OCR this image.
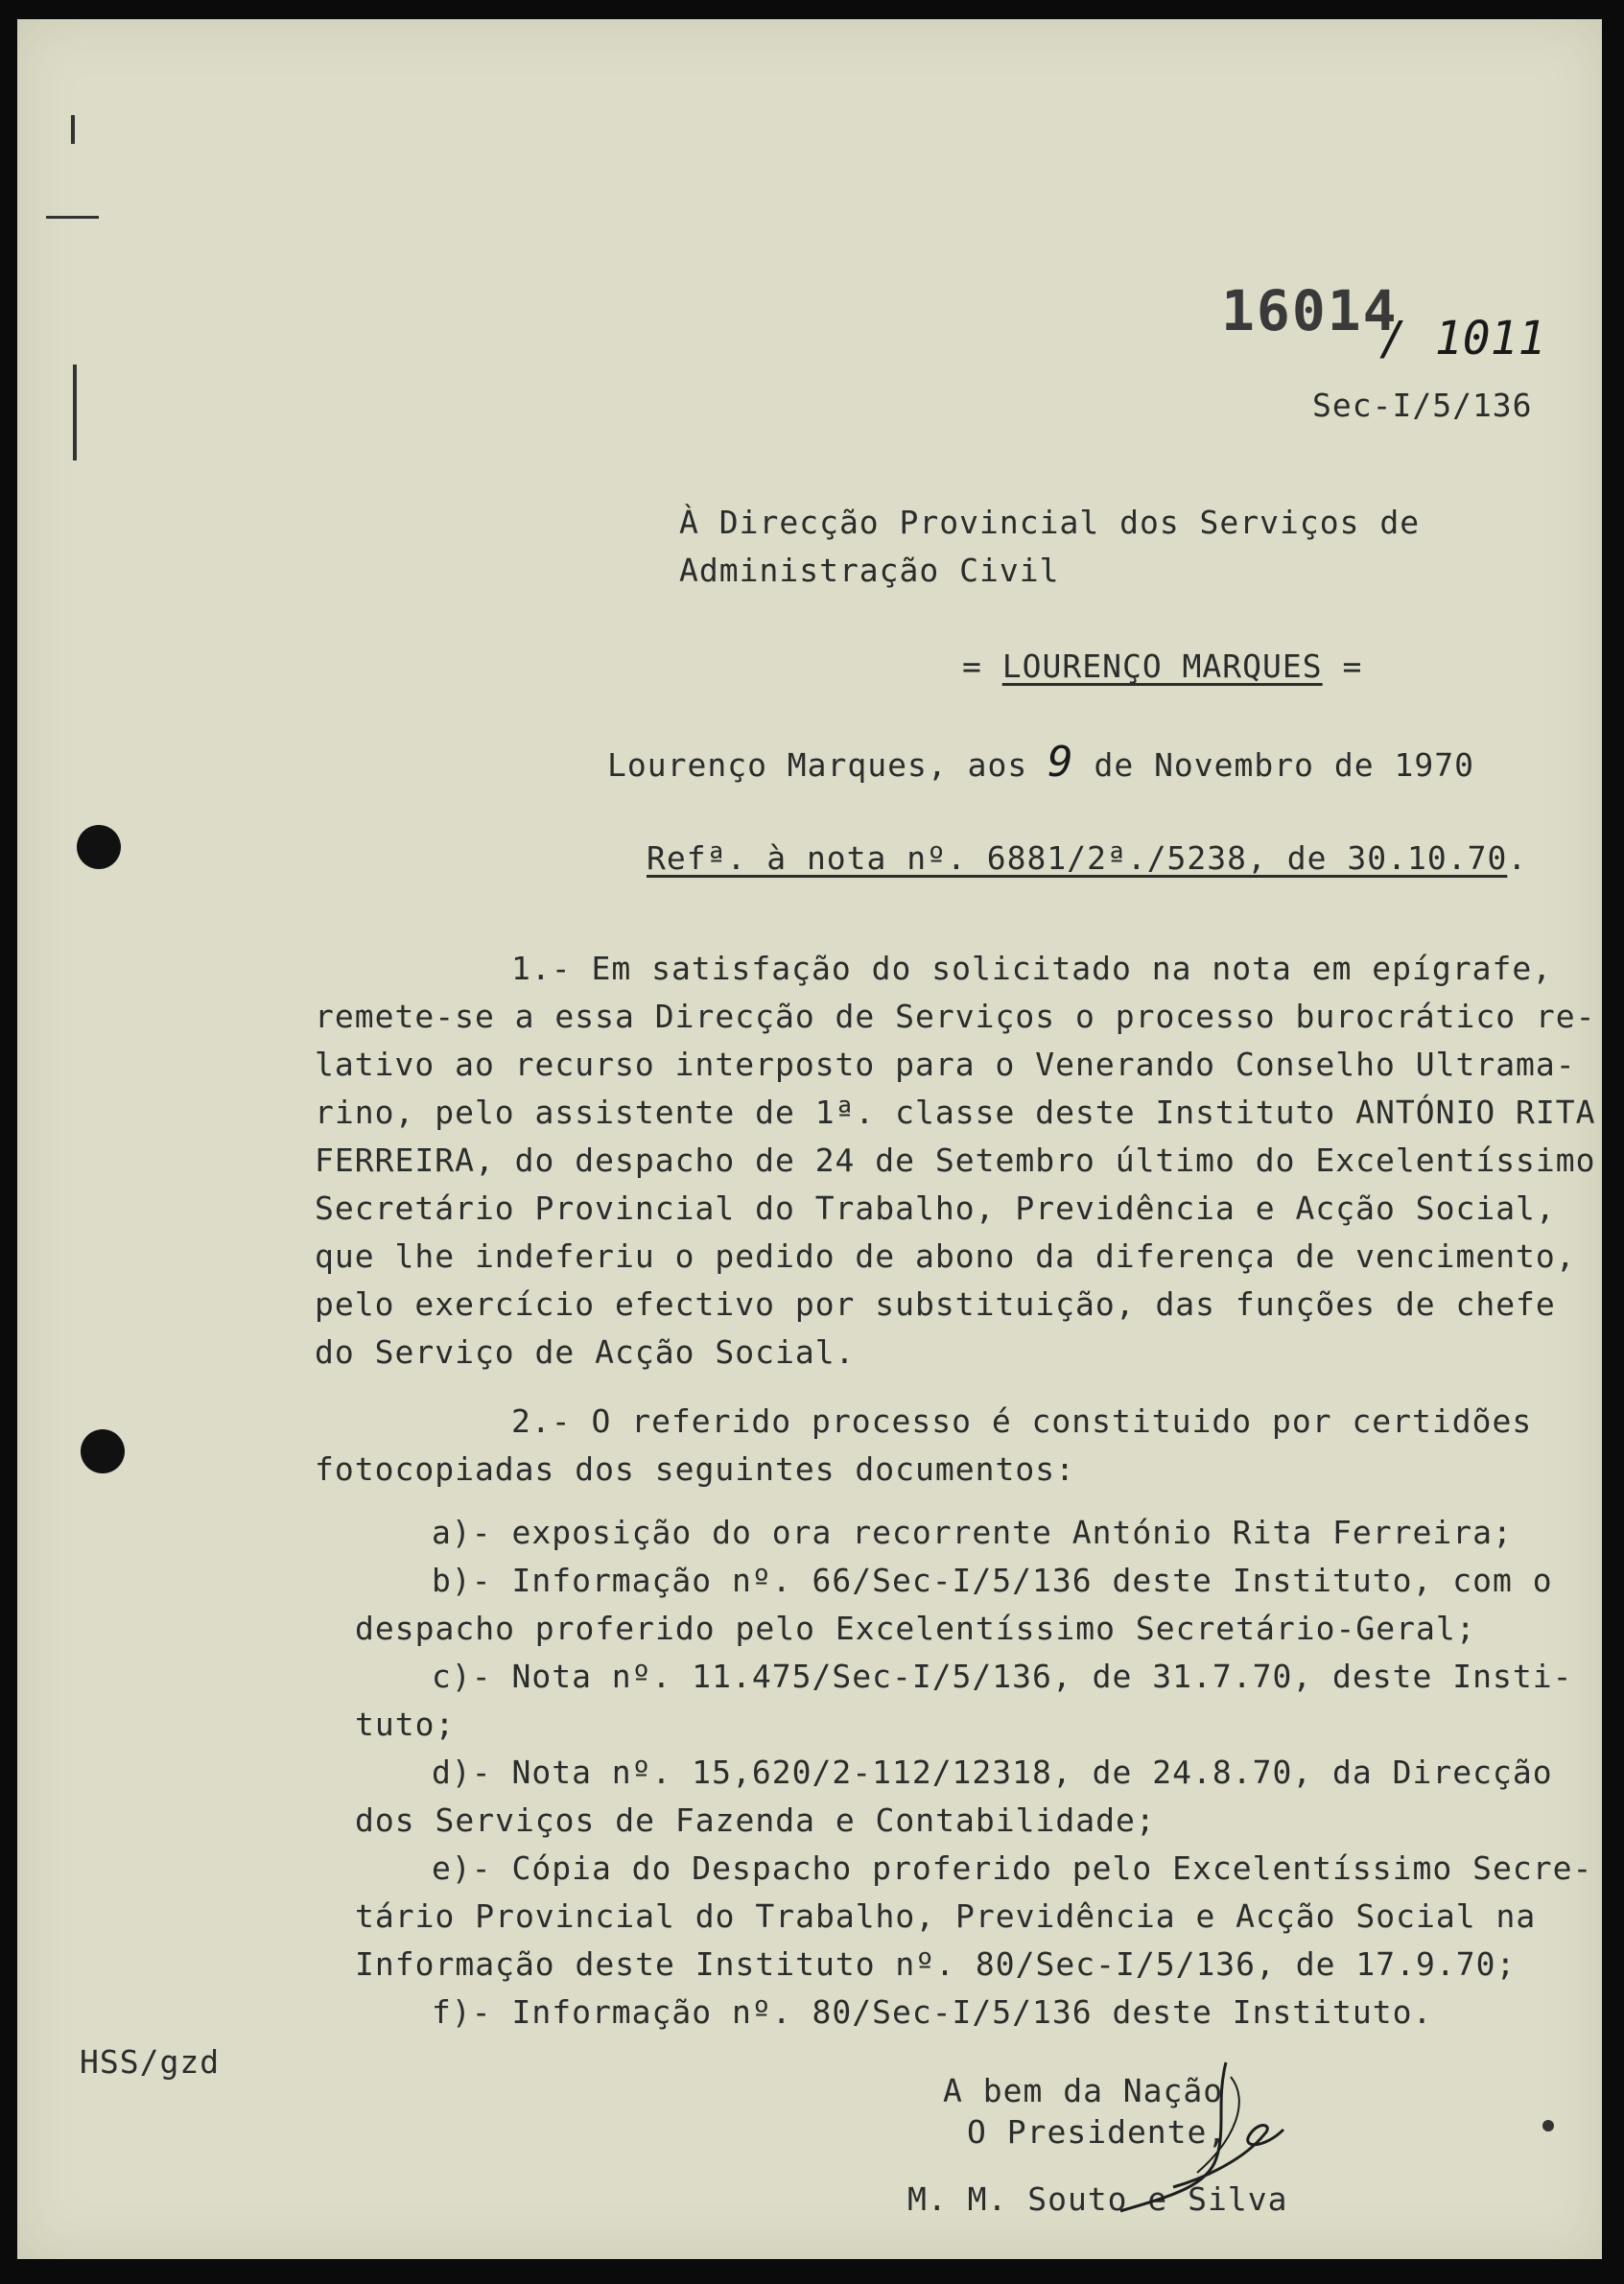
16014
/ 1011
Sec-I/5/136
À Direcção Provincial dos Serviços de
Administração Civil
= LOURENÇO MARQUES =
Lourenço Marques, aos 9 de Novembro de 1970
Refª. à nota nº. 6881/2ª./5238, de 30.10.70.
1.- Em satisfação do solicitado na nota em epígrafe,
remete-se a essa Direcção de Serviços o processo burocrático re-
lativo ao recurso interposto para o Venerando Conselho Ultrama-
rino, pelo assistente de 1ª. classe deste Instituto ANTÓNIO RITA
FERREIRA, do despacho de 24 de Setembro último do Excelentíssimo
Secretário Provincial do Trabalho, Previdência e Acção Social,
que lhe indeferiu o pedido de abono da diferença de vencimento,
pelo exercício efectivo por substituição, das funções de chefe
do Serviço de Acção Social.
2.- O referido processo é constituido por certidões
fotocopiadas dos seguintes documentos:
a)- exposição do ora recorrente António Rita Ferreira;
b)- Informação nº. 66/Sec-I/5/136 deste Instituto, com o
despacho proferido pelo Excelentíssimo Secretário-Geral;
c)- Nota nº. 11.475/Sec-I/5/136, de 31.7.70, deste Insti-
tuto;
d)- Nota nº. 15,620/2-112/12318, de 24.8.70, da Direcção
dos Serviços de Fazenda e Contabilidade;
e)- Cópia do Despacho proferido pelo Excelentíssimo Secre-
tário Provincial do Trabalho, Previdência e Acção Social na
Informação deste Instituto nº. 80/Sec-I/5/136, de 17.9.70;
f)- Informação nº. 80/Sec-I/5/136 deste Instituto.
HSS/gzd
A bem da Nação
O Presidente,
M. M. Souto e Silva
